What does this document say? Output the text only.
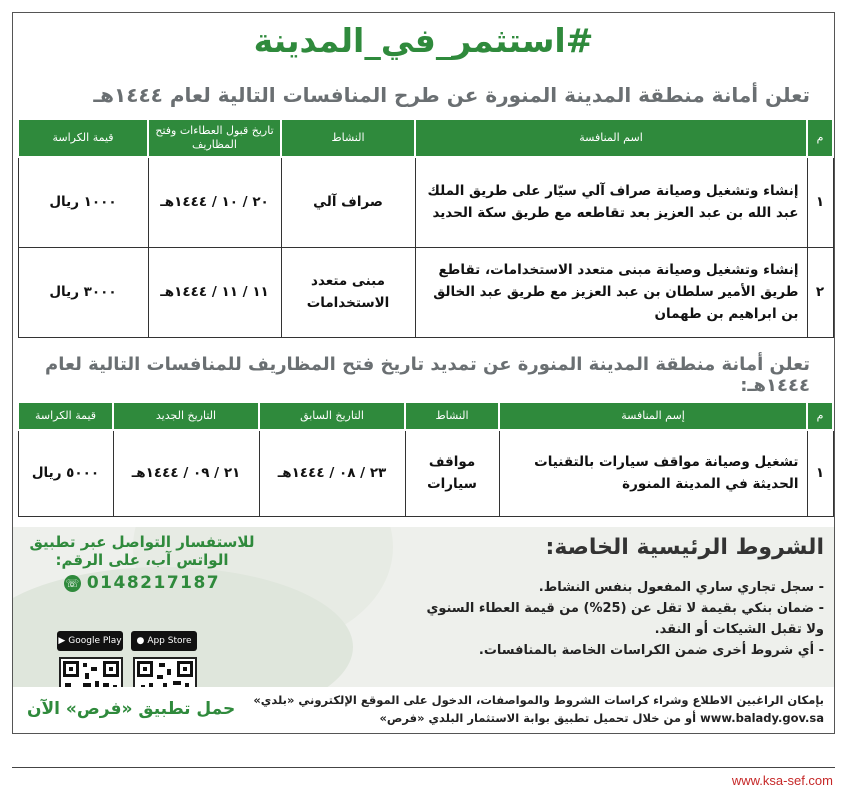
#استثمر_في_المدينة
تعلن أمانة منطقة المدينة المنورة عن طرح المنافسات التالية لعام ١٤٤٤هـ
م	اسم المنافسة	النشاط	تاريخ قبول العطاءات وفتح المظاريف	قيمة الكراسة
١	إنشاء وتشغيل وصيانة صراف آلي سيّار على طريق الملك عبد الله بن عبد العزيز بعد تقاطعه مع طريق سكة الحديد	صراف آلي	٢٠ / ١٠ / ١٤٤٤هـ	١٠٠٠ ريال
٢	إنشاء وتشغيل وصيانة مبنى متعدد الاستخدامات، تقاطع طريق الأمير سلطان بن عبد العزيز مع طريق عبد الخالق بن ابراهيم بن طهمان	مبنى متعدد الاستخدامات	١١ / ١١ / ١٤٤٤هـ	٣٠٠٠ ريال
تعلن أمانة منطقة المدينة المنورة عن تمديد تاريخ فتح المظاريف للمنافسات التالية لعام ١٤٤٤هـ:
م	إسم المنافسة	النشاط	التاريخ السابق	التاريخ الجديد	قيمة الكراسة
١	تشغيل وصيانة مواقف سيارات بالتقنيات الحديثة في المدينة المنورة	مواقف سيارات	٢٣ / ٠٨ / ١٤٤٤هـ	٢١ / ٠٩ / ١٤٤٤هـ	٥٠٠٠ ريال
الشروط الرئيسية الخاصة:
- سجل تجاري ساري المفعول بنفس النشاط.
- ضمان بنكي بقيمة لا تقل عن (25%) من قيمة العطاء السنوي
ولا تقبل الشيكات أو النقد.
- أي شروط أخرى ضمن الكراسات الخاصة بالمنافسات.
للاستفسار التواصل عبر تطبيق
الواتس آب، على الرقم:
☏ 0148217187
▶ Google Play ● App Store
بإمكان الراغبين الاطلاع وشراء كراسات الشروط والمواصفات، الدخول على الموقع الإلكتروني «بلدي»
www.balady.gov.sa أو من خلال تحميل تطبيق بوابة الاستثمار البلدي «فرص»
حمل تطبيق «فرص» الآن
www.ksa-sef.com
